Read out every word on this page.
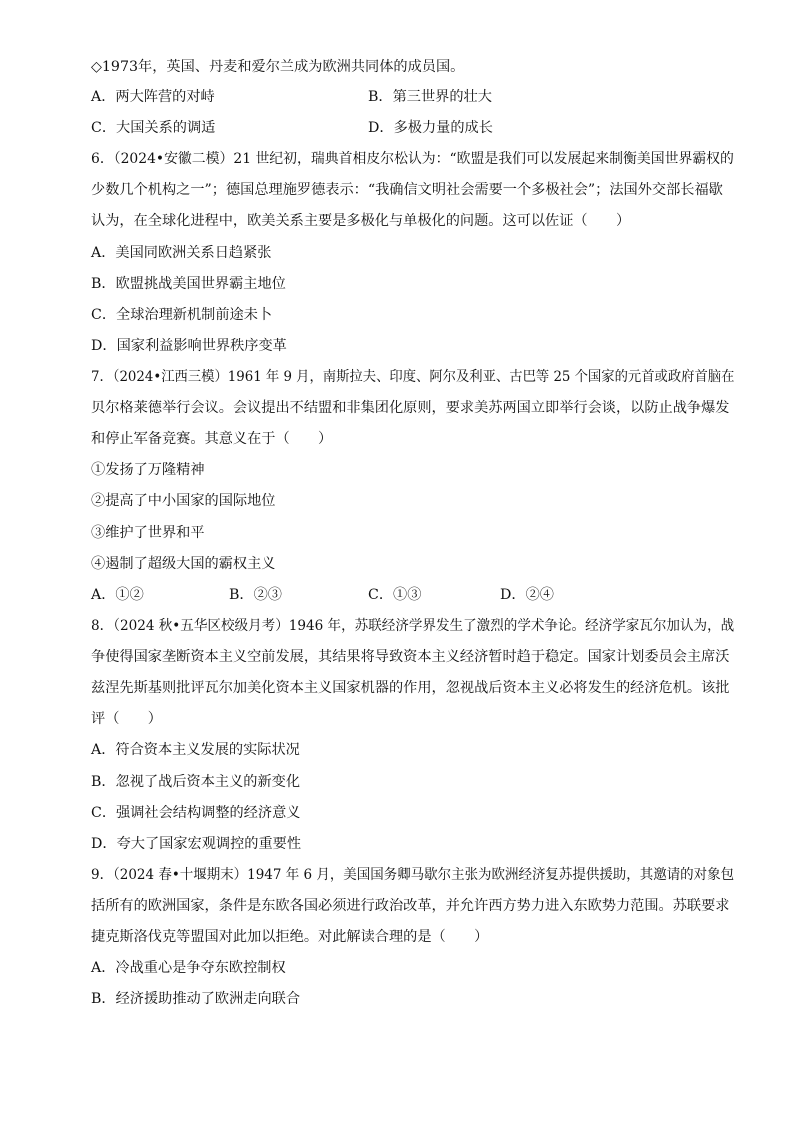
◇1973年，英国、丹麦和爱尔兰成为欧洲共同体的成员国。
A．两大阵营的对峙	B．第三世界的壮大
C．大国关系的调适	D．多极力量的成长
6．（2024•安徽二模）21 世纪初，瑞典首相皮尔松认为：“欧盟是我们可以发展起来制衡美国世界霸权的
少数几个机构之一”；德国总理施罗德表示：“我确信文明社会需要一个多极社会”；法国外交部长福歇
认为，在全球化进程中，欧美关系主要是多极化与单极化的问题。这可以佐证（　　）
A．美国同欧洲关系日趋紧张
B．欧盟挑战美国世界霸主地位
C．全球治理新机制前途未卜
D．国家利益影响世界秩序变革
7．（2024•江西三模）1961 年 9 月，南斯拉夫、印度、阿尔及利亚、古巴等 25 个国家的元首或政府首脑在
贝尔格莱德举行会议。会议提出不结盟和非集团化原则，要求美苏两国立即举行会谈，以防止战争爆发
和停止军备竞赛。其意义在于（　　）
①发扬了万隆精神
②提高了中小国家的国际地位
③维护了世界和平
④遏制了超级大国的霸权主义
A．①②	B．②③	C．①③	D．②④
8．（2024 秋•五华区校级月考）1946 年，苏联经济学界发生了激烈的学术争论。经济学家瓦尔加认为，战
争使得国家垄断资本主义空前发展，其结果将导致资本主义经济暂时趋于稳定。国家计划委员会主席沃
兹涅先斯基则批评瓦尔加美化资本主义国家机器的作用，忽视战后资本主义必将发生的经济危机。该批
评（　　）
A．符合资本主义发展的实际状况
B．忽视了战后资本主义的新变化
C．强调社会结构调整的经济意义
D．夸大了国家宏观调控的重要性
9．（2024 春•十堰期末）1947 年 6 月，美国国务卿马歇尔主张为欧洲经济复苏提供援助，其邀请的对象包
括所有的欧洲国家，条件是东欧各国必须进行政治改革，并允许西方势力进入东欧势力范围。苏联要求
捷克斯洛伐克等盟国对此加以拒绝。对此解读合理的是（　　）
A．冷战重心是争夺东欧控制权
B．经济援助推动了欧洲走向联合
